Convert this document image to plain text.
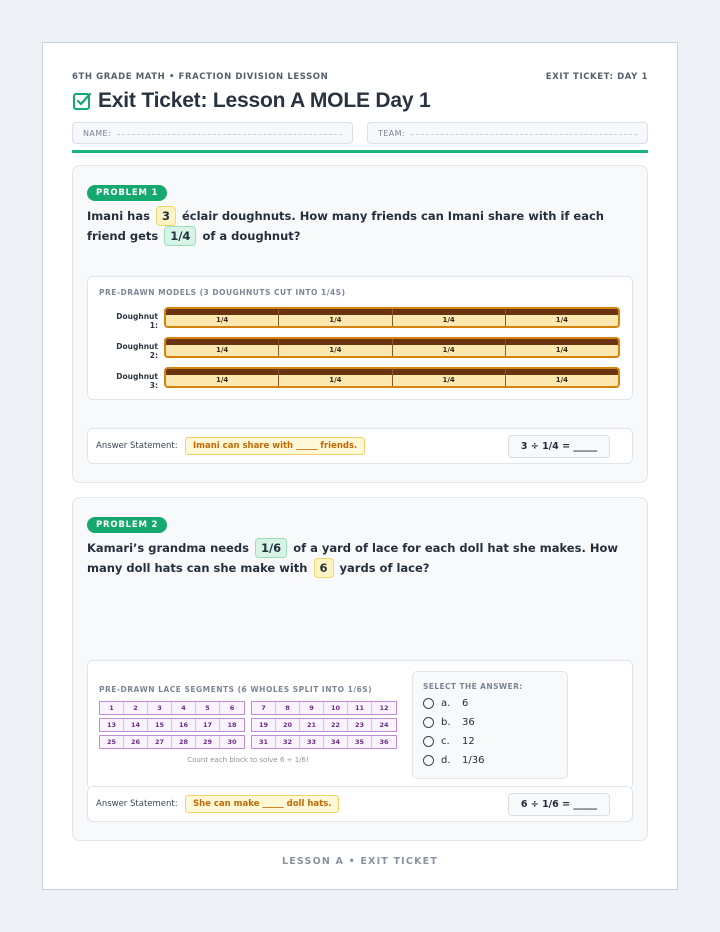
6TH GRADE MATH • FRACTION DIVISION LESSON	EXIT TICKET: DAY 1
Exit Ticket: Lesson A MOLE Day 1
NAME:	TEAM:
PROBLEM 1
Imani has 3 éclair doughnuts. How many friends can Imani share with if each friend gets 1/4 of a doughnut?
PRE-DRAWN MODELS (3 DOUGHNUTS CUT INTO 1/4S)
Doughnut 1:
1/4	1/4	1/4	1/4
Doughnut 2:
1/4	1/4	1/4	1/4
Doughnut 3:
1/4	1/4	1/4	1/4
Answer Statement:	Imani can share with _____ friends.	3 ÷ 1/4 = _____
PROBLEM 2
Kamari’s grandma needs 1/6 of a yard of lace for each doll hat she makes. How many doll hats can she make with 6 yards of lace?
PRE-DRAWN LACE SEGMENTS (6 WHOLES SPLIT INTO 1/6S)
1	2	3	4	5	6	7	8	9	10	11	12
13	14	15	16	17	18	19	20	21	22	23	24
25	26	27	28	29	30	31	32	33	34	35	36
Count each block to solve 6 ÷ 1/6!
SELECT THE ANSWER:
a.	6
b.	36
c.	12
d.	1/36
Answer Statement:	She can make _____ doll hats.	6 ÷ 1/6 = _____
LESSON A • EXIT TICKET
